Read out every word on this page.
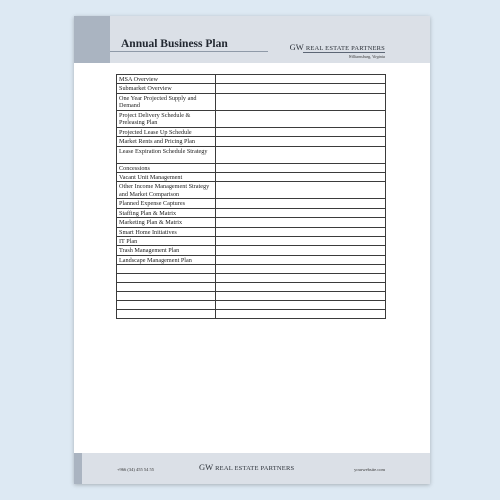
Annual Business Plan	GW REAL ESTATE PARTNERS
Williamsburg, Virginia
MSA Overview	
Submarket Overview	
One Year Projected Supply and Demand	
Project Delivery Schedule & Preleasing Plan	
Projected Lease Up Schedule	
Market Rents and Pricing Plan	
Lease Expiration Schedule Strategy	
Concessions	
Vacant Unit Management	
Other Income Management Strategy and Market Comparison	
Planned Expense Captures	
Staffing Plan & Matrix	
Marketing Plan & Matrix	
Smart Home Initiatives	
IT Plan	
Trash Management Plan	
Landscape Management Plan	

+966 (34) 455 54 55	GW REAL ESTATE PARTNERS	yourwebsite.com
